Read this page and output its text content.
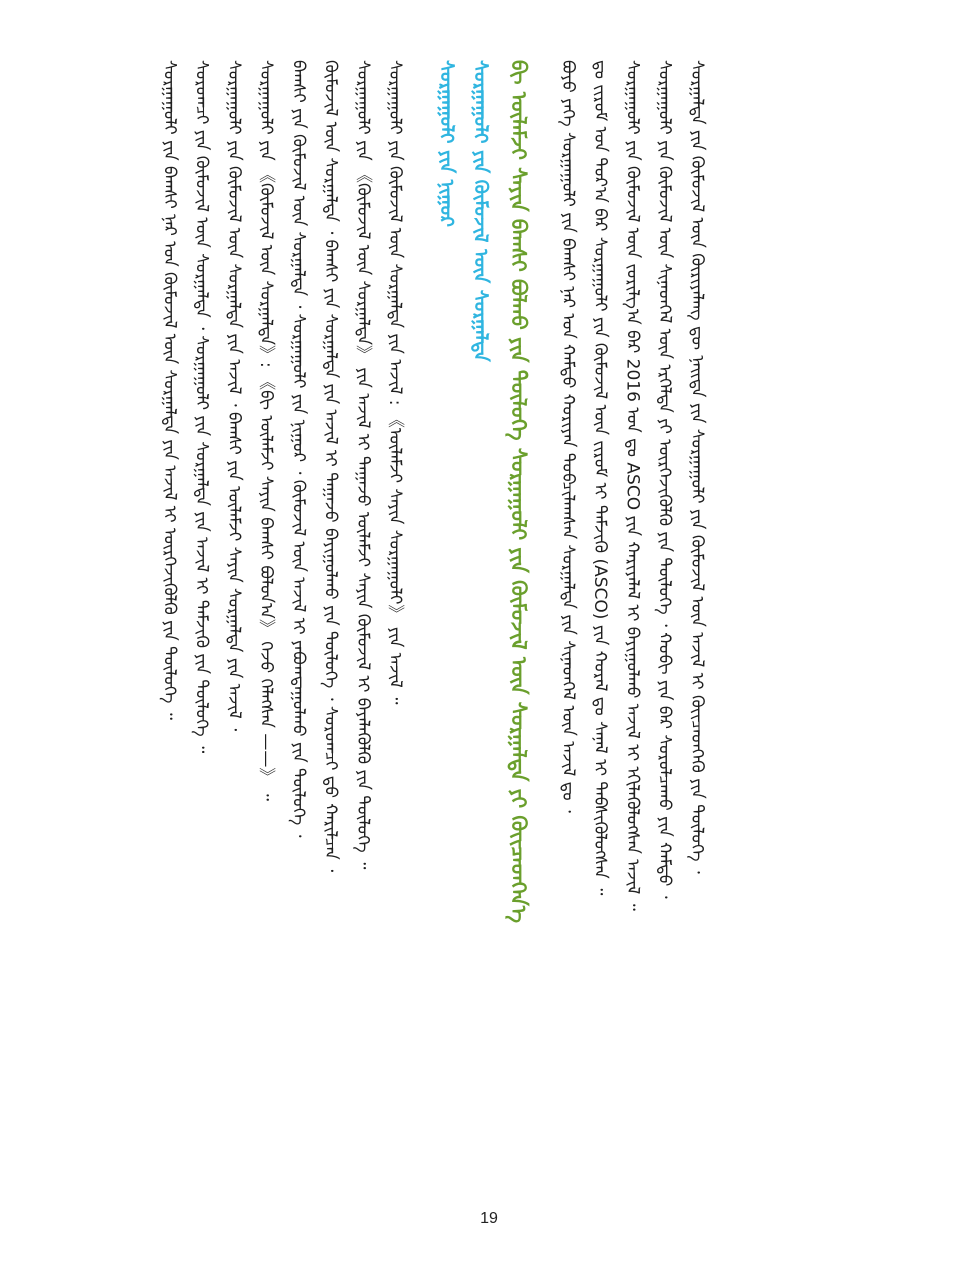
ᠰᠤᠷᠭᠠᠯᠲᠠ ᠶᠢᠨ ᠬᠦᠮᠦᠵᠢᠯ ᠦᠨ ᠬᠦᠷᠢᠶᠡᠯᠡᠩ ᠳᠦ ᠨᠡᠢᠲᠡ ᠶᠢᠨ ᠰᠤᠷᠭᠠᠭᠤᠯᠢ ᠶᠢᠨ ᠬᠦᠮᠦᠵᠢᠯ ᠦᠨ ᠠᠵᠢᠯ ᠢ ᠭᠦᠢᠴᠡᠳᠬᠡᠬᠦ ᠶᠢᠨ ᠲᠥᠯᠦᠭᠡ ᠂
ᠰᠤᠷᠭᠠᠭᠤᠯᠢ ᠶᠢᠨ ᠬᠦᠮᠦᠵᠢᠯ ᠦᠨ ᠰᠢᠨᠡᠳᠬᠡᠯ ᠦᠨ ᠡᠷᠭᠡᠯᠲᠡ ᠶᠢ ᠥᠷᠭᠡᠵᠢᠭᠦᠯᠬᠦ ᠶᠢᠨ ᠲᠥᠯᠦᠭᠡ ᠂ ᠬᠤᠪᠢ ᠶᠢᠨ ᠪᠠᠷ ᠰᠤᠷᠤᠯᠴᠠᠬᠤ ᠶᠢᠨ ᠬᠠᠮᠲᠤ ᠂
ᠰᠤᠷᠭᠠᠭᠤᠯᠢ ᠶᠢᠨ ᠬᠦᠮᠦᠵᠢᠯ ᠦᠨ ᠵᠤᠷᠢᠯᠭ᠎ᠠ ᠪᠠᠷ 2016 ᠤᠨ ᠳᠤ ASCO ᠶᠢᠨ ᠬᠠᠷᠢᠶᠠᠯᠠᠯ ᠢ ᠪᠠᠶᠢᠭᠤᠯᠬᠤ ᠠᠵᠢᠯ ᠢ ᠡᠬᠢᠯᠡᠭᠦᠯᠦᠭᠰᠡᠨ ᠠᠵᠢᠯ ᠃
ᠳᠤ ᠵᠢᠷᠤᠮ ᠤᠨ ᠳᠤᠷ᠎ᠠ ᠪᠠᠷ ᠰᠤᠷᠭᠠᠭᠤᠯᠢ ᠶᠢᠨ ᠬᠦᠮᠦᠵᠢᠯ ᠦᠨ ᠵᠢᠷᠤᠮ ᠢ ᠳᠡᠮᠵᠢᠬᠦ (ASCO) ᠶᠢᠨ ᠬᠤᠷᠠᠯ ᠳᠤ ᠰᠠᠨᠠᠯ ᠢ ᠳᠡᠪᠰᠢᠭᠦᠯᠦᠭᠰᠡᠨ ᠃
ᠪᠤᠶᠤ ᠶᠡᠬᠡ ᠰᠤᠷᠭᠠᠭᠤᠯᠢ ᠶᠢᠨ ᠪᠠᠭᠰᠢ ᠨᠠᠷ ᠤᠨ ᠬᠠᠮᠲᠤ ᠬᠤᠷᠢᠶᠠᠨ ᠲᠤᠪᠴᠢᠯᠠᠭᠰᠠᠨ ᠰᠤᠷᠭᠠᠯᠲᠠ ᠶᠢᠨ ᠰᠢᠨᠡᠳᠬᠡᠯ ᠦᠨ ᠠᠵᠢᠯ ᠳᠤ ᠂
ᠪᠢ ᠦᠯᠡᠮᠵᠢ ᠰᠠᠶᠢᠨ ᠪᠠᠭᠰᠢ ᠪᠣᠯᠬᠤ ᠶᠢᠨ ᠲᠥᠯᠦᠭᠡ ᠰᠤᠷᠭᠠᠭᠤᠯᠢ ᠶᠢᠨ ᠬᠦᠮᠦᠵᠢᠯ ᠦᠨ ᠰᠤᠷᠭᠠᠯᠲᠠ ᠶᠢ ᠭᠦᠢᠴᠡᠳᠬᠡᠨ᠎ᠡ
ᠰᠤᠷᠭᠠᠭᠤᠯᠢ ᠶᠢᠨ ᠬᠦᠮᠦᠵᠢᠯ ᠦᠨ ᠰᠤᠷᠭᠠᠯᠲᠠ
ᠰᠤᠷᠭᠠᠭᠤᠯᠢ ᠶᠢᠨ ᠨᠢᠭᠤᠷ
ᠰᠤᠷᠭᠠᠭᠤᠯᠢ ᠶᠢᠨ ᠬᠦᠮᠦᠵᠢᠯ ᠦᠨ ᠰᠤᠷᠭᠠᠯᠲᠠ ᠶᠢᠨ ᠠᠵᠢᠯ : 《ᠦᠯᠡᠮᠵᠢ ᠰᠠᠶᠢᠨ ᠰᠤᠷᠭᠠᠭᠤᠯᠢ》 ᠶᠢᠨ ᠠᠵᠢᠯ ᠃
ᠰᠤᠷᠭᠠᠭᠤᠯᠢ ᠶᠢᠨ 《ᠬᠦᠮᠦᠵᠢᠯ ᠦᠨ ᠰᠤᠷᠭᠠᠯᠲᠠ》 ᠶᠢᠨ ᠠᠵᠢᠯ ᠢ ᠳᠠᠭᠠᠵᠤ ᠦᠯᠡᠮᠵᠢ ᠰᠠᠶᠢᠨ ᠬᠦᠮᠦᠵᠢᠯ ᠢ ᠪᠡᠶᠡᠯᠡᠭᠦᠯᠬᠦ ᠶᠢᠨ ᠲᠥᠯᠦᠭᠡ ᠃
ᠬᠦᠮᠦᠵᠢᠯ ᠦᠨ ᠰᠤᠷᠭᠠᠯᠲᠠ ᠂ ᠪᠠᠭᠰᠢ ᠶᠢᠨ ᠰᠤᠷᠭᠠᠯᠲᠠ ᠶᠢᠨ ᠠᠵᠢᠯ ᠢ ᠳᠠᠭᠠᠵᠤ ᠪᠠᠶᠢᠭᠤᠯᠬᠤ ᠶᠢᠨ ᠲᠥᠯᠦᠭᠡ ᠂ ᠰᠤᠷᠤᠭᠴᠢ ᠳ᠋ᠤ ᠬᠠᠷᠢᠯᠴᠠᠨ ᠂
ᠪᠠᠭᠰᠢ ᠶᠢᠨ ᠬᠦᠮᠦᠵᠢᠯ ᠦᠨ ᠰᠤᠷᠭᠠᠯᠲᠠ ᠂ ᠰᠤᠷᠭᠠᠭᠤᠯᠢ ᠶᠢᠨ ᠨᠢᠭᠤᠷ ᠂ ᠬᠦᠮᠦᠵᠢᠯ ᠦᠨ ᠠᠵᠢᠯ ᠢ ᠶᠠᠪᠤᠭᠳᠠᠭᠤᠯᠬᠤ ᠶᠢᠨ ᠲᠥᠯᠦᠭᠡ ᠂
ᠰᠤᠷᠭᠠᠭᠤᠯᠢ ᠶᠢᠨ 《ᠬᠦᠮᠦᠵᠢᠯ ᠦᠨ ᠰᠤᠷᠭᠠᠯᠲᠠ》: 《ᠪᠢ ᠦᠯᠡᠮᠵᠢ ᠰᠠᠶᠢᠨ ᠪᠠᠭᠰᠢ ᠪᠣᠯᠤᠨ᠎ᠠ》 ᠭᠡᠵᠦ ᠬᠡᠯᠡᠭᠰᠡᠨ ——》 ᠃
ᠰᠤᠷᠭᠠᠭᠤᠯᠢ ᠶᠢᠨ ᠬᠦᠮᠦᠵᠢᠯ ᠦᠨ ᠰᠤᠷᠭᠠᠯᠲᠠ ᠶᠢᠨ ᠠᠵᠢᠯ ᠂ ᠪᠠᠭᠰᠢ ᠶᠢᠨ ᠦᠯᠡᠮᠵᠢ ᠰᠠᠶᠢᠨ ᠰᠤᠷᠭᠠᠯᠲᠠ ᠶᠢᠨ ᠠᠵᠢᠯ ᠂
ᠰᠤᠷᠤᠭᠴᠢ ᠶᠢᠨ ᠬᠦᠮᠦᠵᠢᠯ ᠦᠨ ᠰᠤᠷᠭᠠᠯᠲᠠ ᠂ ᠰᠤᠷᠭᠠᠭᠤᠯᠢ ᠶᠢᠨ ᠰᠤᠷᠭᠠᠯᠲᠠ ᠶᠢᠨ ᠠᠵᠢᠯ ᠢ ᠳᠡᠮᠵᠢᠬᠦ ᠶᠢᠨ ᠲᠥᠯᠦᠭᠡ ᠃
ᠰᠤᠷᠭᠠᠭᠤᠯᠢ ᠶᠢᠨ ᠪᠠᠭᠰᠢ ᠨᠠᠷ ᠤᠨ ᠬᠦᠮᠦᠵᠢᠯ ᠦᠨ ᠰᠤᠷᠭᠠᠯᠲᠠ ᠶᠢᠨ ᠠᠵᠢᠯ ᠢ ᠥᠷᠭᠡᠵᠢᠭᠦᠯᠬᠦ ᠶᠢᠨ ᠲᠥᠯᠦᠭᠡ ᠃
19
